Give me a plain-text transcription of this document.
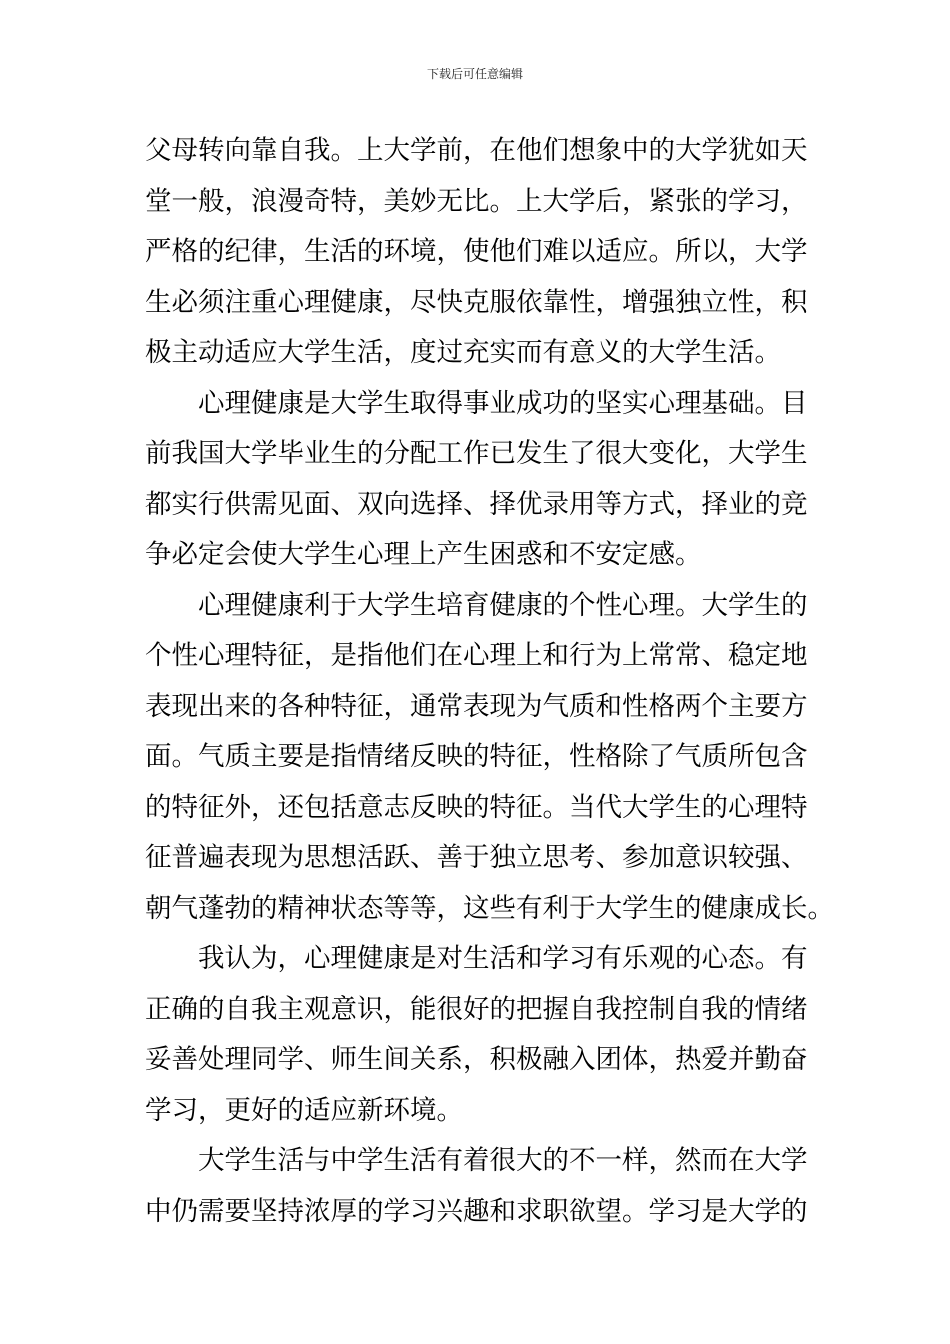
下载后可任意编辑
父母转向靠自我。上大学前，在他们想象中的大学犹如天
堂一般，浪漫奇特，美妙无比。上大学后，紧张的学习，
严格的纪律，生活的环境，使他们难以适应。所以，大学
生必须注重心理健康，尽快克服依靠性，增强独立性，积
极主动适应大学生活，度过充实而有意义的大学生活。
心理健康是大学生取得事业成功的坚实心理基础。目
前我国大学毕业生的分配工作已发生了很大变化，大学生
都实行供需见面、双向选择、择优录用等方式，择业的竞
争必定会使大学生心理上产生困惑和不安定感。
心理健康利于大学生培育健康的个性心理。大学生的
个性心理特征，是指他们在心理上和行为上常常、稳定地
表现出来的各种特征，通常表现为气质和性格两个主要方
面。气质主要是指情绪反映的特征，性格除了气质所包含
的特征外，还包括意志反映的特征。当代大学生的心理特
征普遍表现为思想活跃、善于独立思考、参加意识较强、
朝气蓬勃的精神状态等等，这些有利于大学生的健康成长。
我认为，心理健康是对生活和学习有乐观的心态。有
正确的自我主观意识，能很好的把握自我控制自我的情绪
妥善处理同学、师生间关系，积极融入团体，热爱并勤奋
学习，更好的适应新环境。
大学生活与中学生活有着很大的不一样，然而在大学
中仍需要坚持浓厚的学习兴趣和求职欲望。学习是大学的
